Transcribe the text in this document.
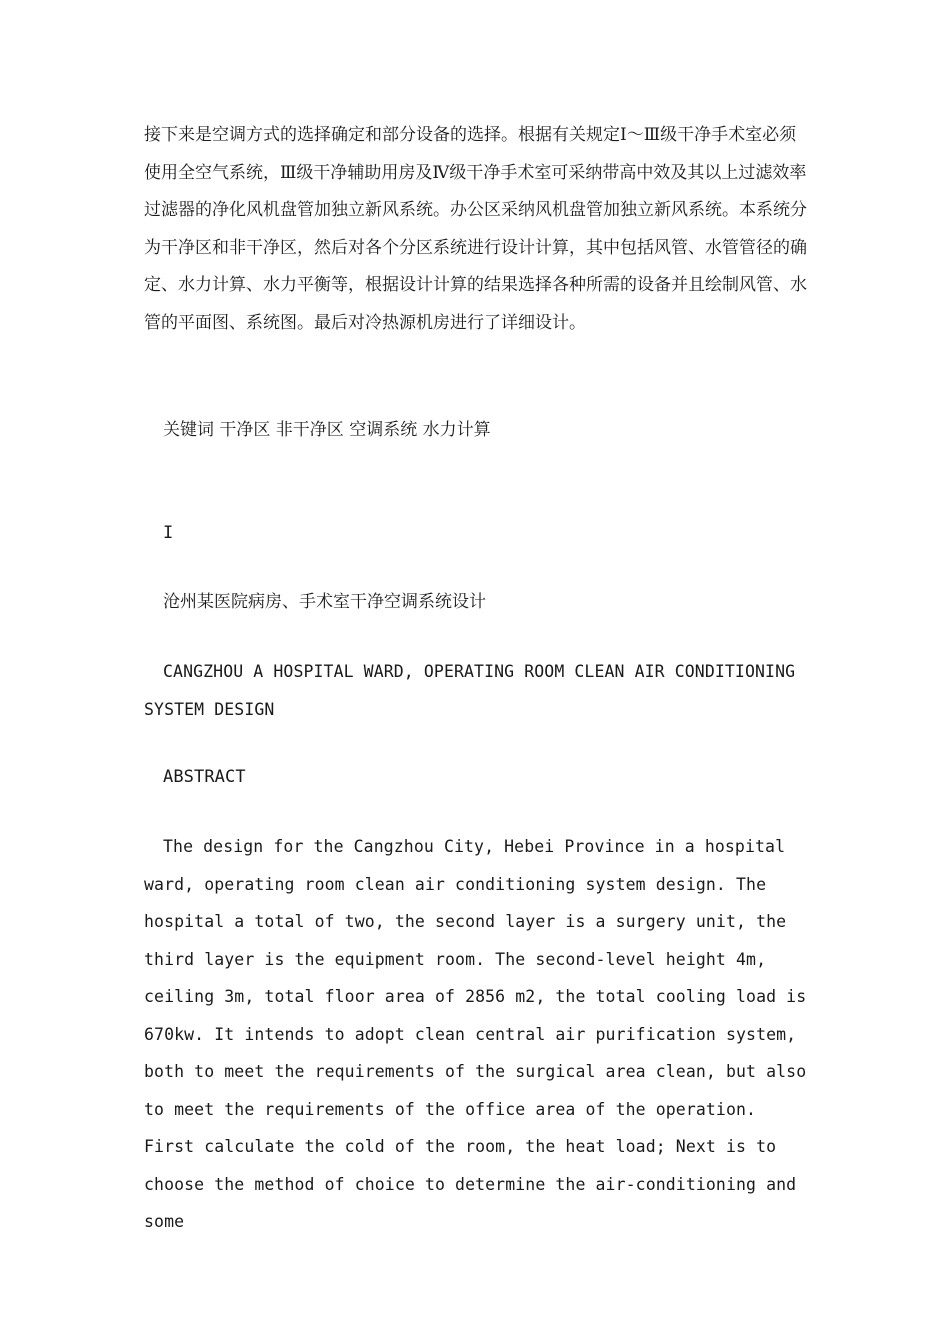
接下来是空调方式的选择确定和部分设备的选择。根据有关规定Ⅰ～Ⅲ级干净手术室必须使用全空气系统，Ⅲ级干净辅助用房及Ⅳ级干净手术室可采纳带高中效及其以上过滤效率过滤器的净化风机盘管加独立新风系统。办公区采纳风机盘管加独立新风系统。本系统分为干净区和非干净区，然后对各个分区系统进行设计计算，其中包括风管、水管管径的确定、水力计算、水力平衡等，根据设计计算的结果选择各种所需的设备并且绘制风管、水管的平面图、系统图。最后对冷热源机房进行了详细设计。

关键词 干净区 非干净区 空调系统 水力计算

I

沧州某医院病房、手术室干净空调系统设计

CANGZHOU A HOSPITAL WARD, OPERATING ROOM CLEAN AIR CONDITIONING SYSTEM DESIGN

ABSTRACT

The design for the Cangzhou City, Hebei Province in a hospital ward, operating room clean air conditioning system design. The hospital a total of two, the second layer is a surgery unit, the third layer is the equipment room. The second-level height 4m, ceiling 3m, total floor area of 2856 m2, the total cooling load is 670kw. It intends to adopt clean central air purification system, both to meet the requirements of the surgical area clean, but also to meet the requirements of the office area of the operation. First calculate the cold of the room, the heat load; Next is to choose the method of choice to determine the air-conditioning and some
